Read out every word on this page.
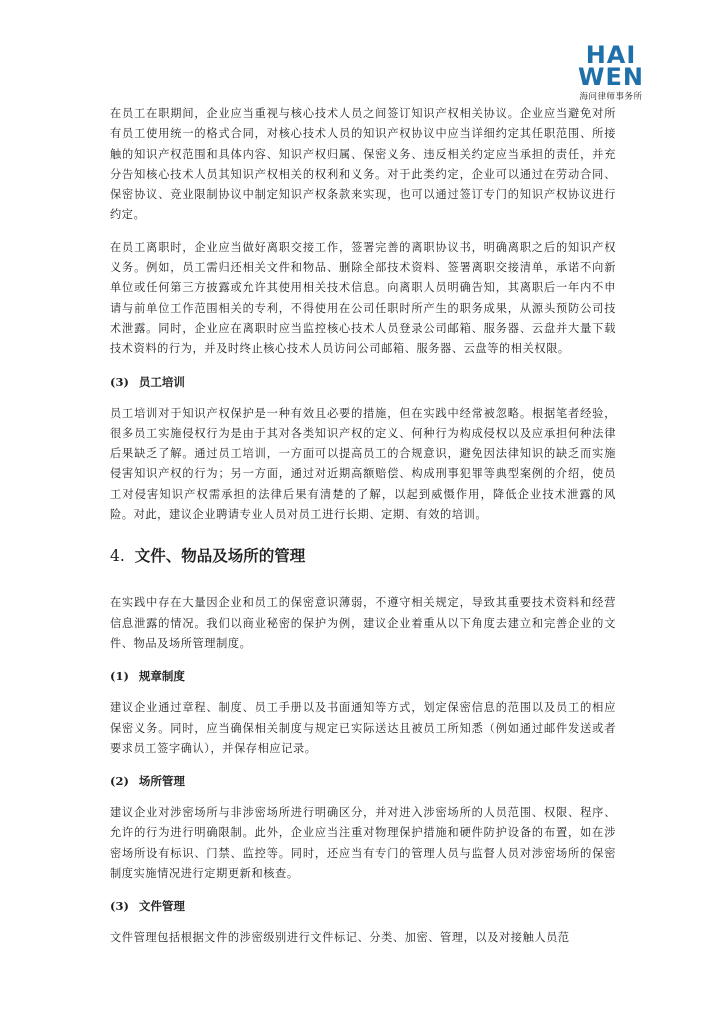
HAI
WEN
海问律师事务所

在员工在职期间，企业应当重视与核心技术人员之间签订知识产权相关协议。企业应当避免对所有员工使用统一的格式合同，对核心技术人员的知识产权协议中应当详细约定其任职范围、所接触的知识产权范围和具体内容、知识产权归属、保密义务、违反相关约定应当承担的责任，并充分告知核心技术人员其知识产权相关的权利和义务。对于此类约定，企业可以通过在劳动合同、保密协议、竞业限制协议中制定知识产权条款来实现，也可以通过签订专门的知识产权协议进行约定。

在员工离职时，企业应当做好离职交接工作，签署完善的离职协议书，明确离职之后的知识产权义务。例如，员工需归还相关文件和物品、删除全部技术资料、签署离职交接清单，承诺不向新单位或任何第三方披露或允许其使用相关技术信息。向离职人员明确告知，其离职后一年内不申请与前单位工作范围相关的专利，不得使用在公司任职时所产生的职务成果，从源头预防公司技术泄露。同时，企业应在离职时应当监控核心技术人员登录公司邮箱、服务器、云盘并大量下载技术资料的行为，并及时终止核心技术人员访问公司邮箱、服务器、云盘等的相关权限。

(3) 员工培训

员工培训对于知识产权保护是一种有效且必要的措施，但在实践中经常被忽略。根据笔者经验，很多员工实施侵权行为是由于其对各类知识产权的定义、何种行为构成侵权以及应承担何种法律后果缺乏了解。通过员工培训，一方面可以提高员工的合规意识，避免因法律知识的缺乏而实施侵害知识产权的行为；另一方面，通过对近期高额赔偿、构成刑事犯罪等典型案例的介绍，使员工对侵害知识产权需承担的法律后果有清楚的了解，以起到威慑作用，降低企业技术泄露的风险。对此，建议企业聘请专业人员对员工进行长期、定期、有效的培训。

4. 文件、物品及场所的管理

在实践中存在大量因企业和员工的保密意识薄弱，不遵守相关规定，导致其重要技术资料和经营信息泄露的情况。我们以商业秘密的保护为例，建议企业着重从以下角度去建立和完善企业的文件、物品及场所管理制度。

(1) 规章制度

建议企业通过章程、制度、员工手册以及书面通知等方式，划定保密信息的范围以及员工的相应保密义务。同时，应当确保相关制度与规定已实际送达且被员工所知悉（例如通过邮件发送或者要求员工签字确认），并保存相应记录。

(2) 场所管理

建议企业对涉密场所与非涉密场所进行明确区分，并对进入涉密场所的人员范围、权限、程序、允许的行为进行明确限制。此外，企业应当注重对物理保护措施和硬件防护设备的布置，如在涉密场所设有标识、门禁、监控等。同时，还应当有专门的管理人员与监督人员对涉密场所的保密制度实施情况进行定期更新和核查。

(3) 文件管理

文件管理包括根据文件的涉密级别进行文件标记、分类、加密、管理，以及对接触人员范
